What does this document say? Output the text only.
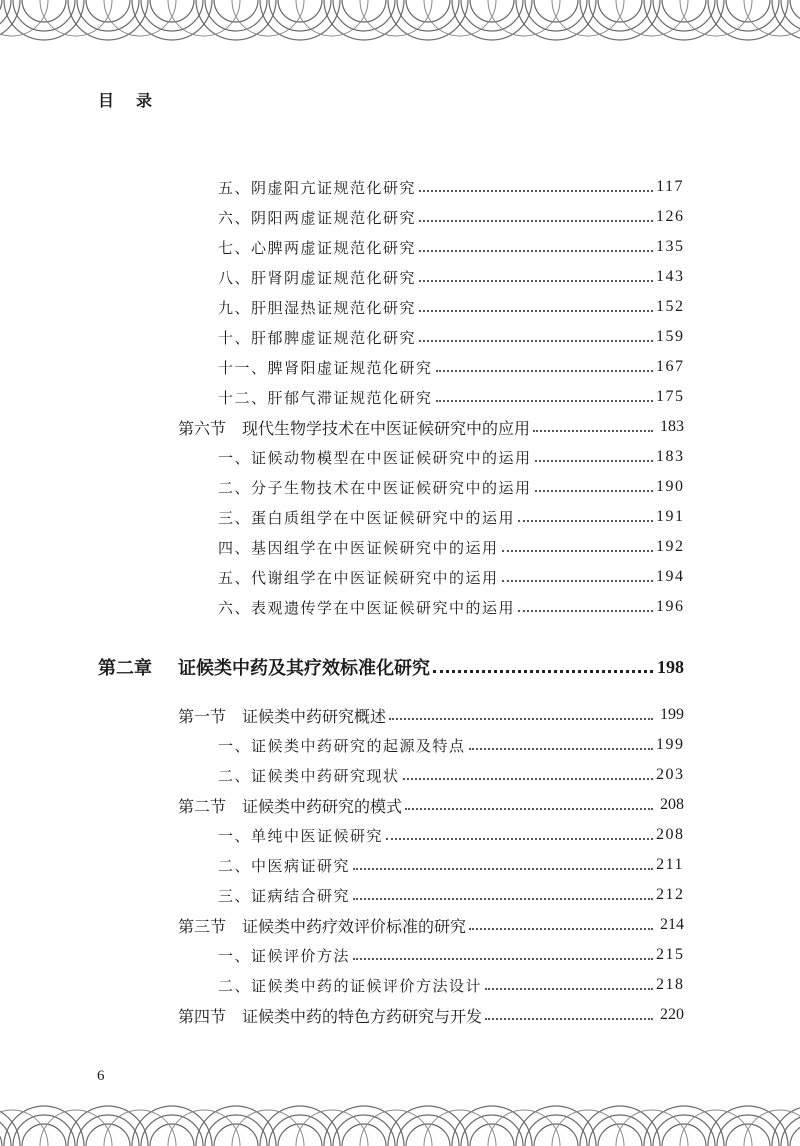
目录
五、阴虚阳亢证规范化研究	117
六、阴阳两虚证规范化研究	126
七、心脾两虚证规范化研究	135
八、肝肾阴虚证规范化研究	143
九、肝胆湿热证规范化研究	152
十、肝郁脾虚证规范化研究	159
十一、脾肾阳虚证规范化研究	167
十二、肝郁气滞证规范化研究	175
第六节 现代生物学技术在中医证候研究中的应用	183
一、证候动物模型在中医证候研究中的运用	183
二、分子生物技术在中医证候研究中的运用	190
三、蛋白质组学在中医证候研究中的运用	191
四、基因组学在中医证候研究中的运用	192
五、代谢组学在中医证候研究中的运用	194
六、表观遗传学在中医证候研究中的运用	196
第二章 证候类中药及其疗效标准化研究	198
第一节 证候类中药研究概述	199
一、证候类中药研究的起源及特点	199
二、证候类中药研究现状	203
第二节 证候类中药研究的模式	208
一、单纯中医证候研究	208
二、中医病证研究	211
三、证病结合研究	212
第三节 证候类中药疗效评价标准的研究	214
一、证候评价方法	215
二、证候类中药的证候评价方法设计	218
第四节 证候类中药的特色方药研究与开发	220

6
